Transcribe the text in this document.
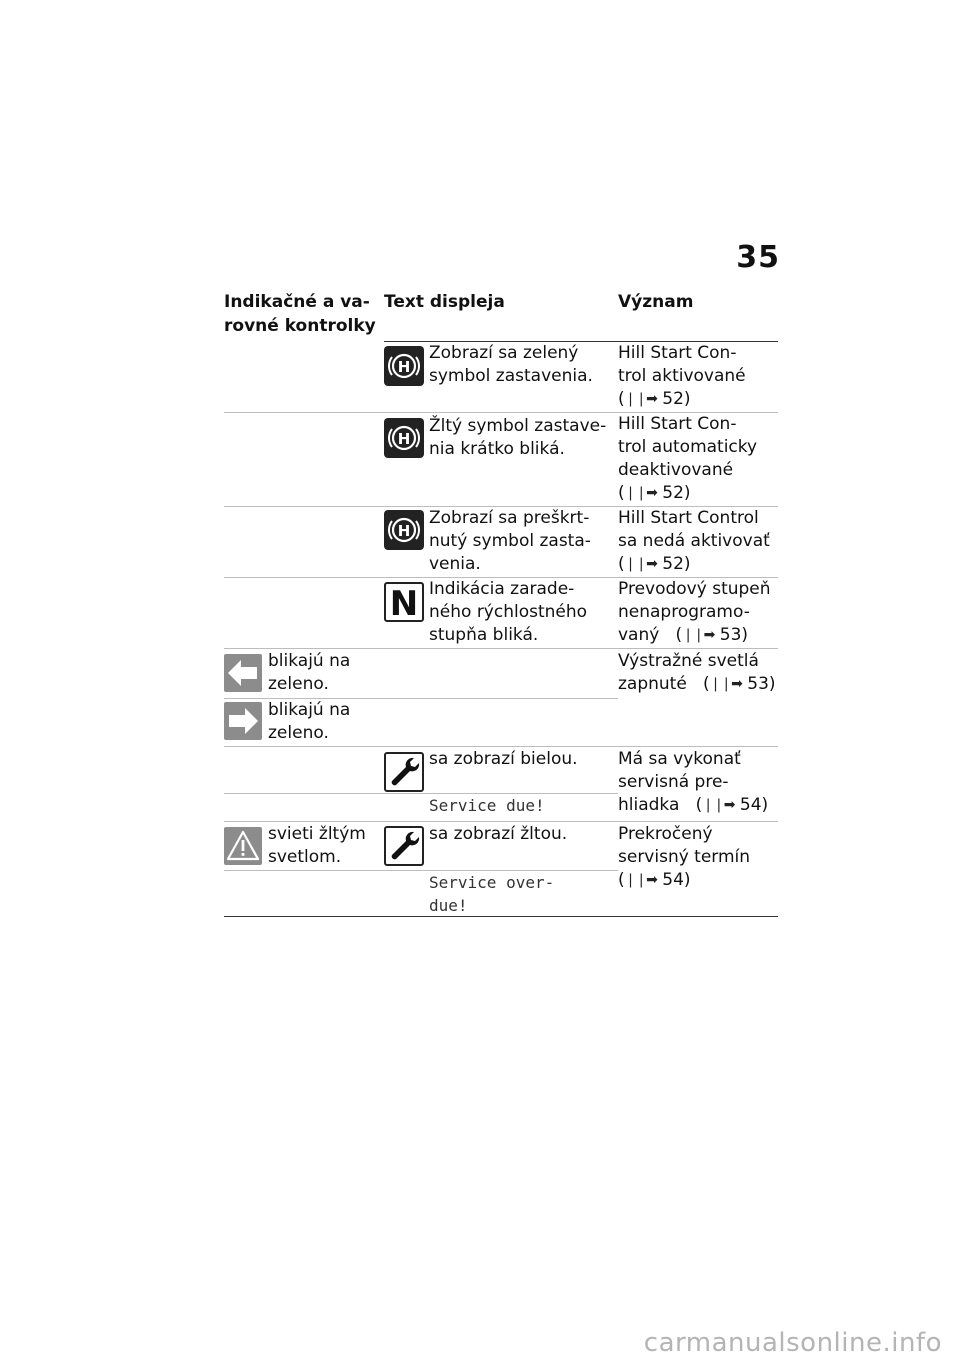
35
Indikačné a va-
rovné kontrolky
Text displeja	Význam
H
Zobrazí sa zelený
symbol zastavenia.
Hill Start Con-
trol aktivované
(❘❘➡ 52)
H
Žltý symbol zastave-
nia krátko bliká.
Hill Start Con-
trol automaticky
deaktivované
(❘❘➡ 52)
H
Zobrazí sa preškrt-
nutý symbol zasta-
venia.
Hill Start Control
sa nedá aktivovať
(❘❘➡ 52)
N Indikácia zarade-
ného rýchlostného
stupňa bliká.
Prevodový stupeň
nenaprogramo-
vaný (❘❘➡ 53)
blikajú na
zeleno.
Výstražné svetlá
zapnuté (❘❘➡ 53)
blikajú na
zeleno.
sa zobrazí bielou.
Service due!
Má sa vykonať
servisná pre-
hliadka (❘❘➡ 54)
svieti žltým
svetlom.
sa zobrazí žltou.
Service over-
due!
Prekročený
servisný termín
(❘❘➡ 54)
carmanualsonline.info
